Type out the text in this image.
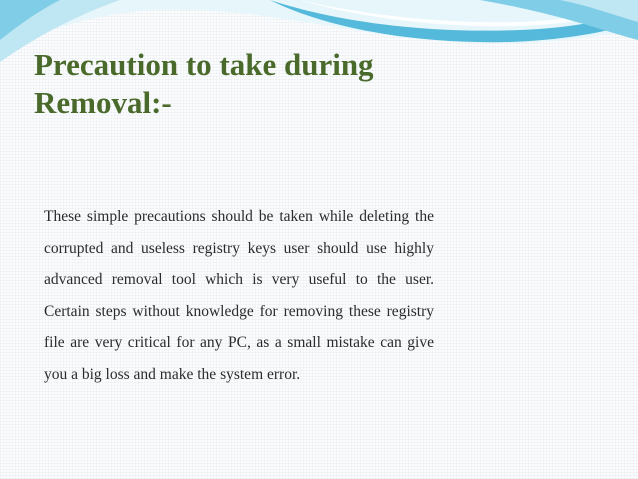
Precaution to take during Removal:-

These simple precautions should be taken while deleting the corrupted and useless registry keys user should use highly advanced removal tool which is very useful to the user. Certain steps without knowledge for removing these registry file are very critical for any PC, as a small mistake can give you a big loss and make the system error.
